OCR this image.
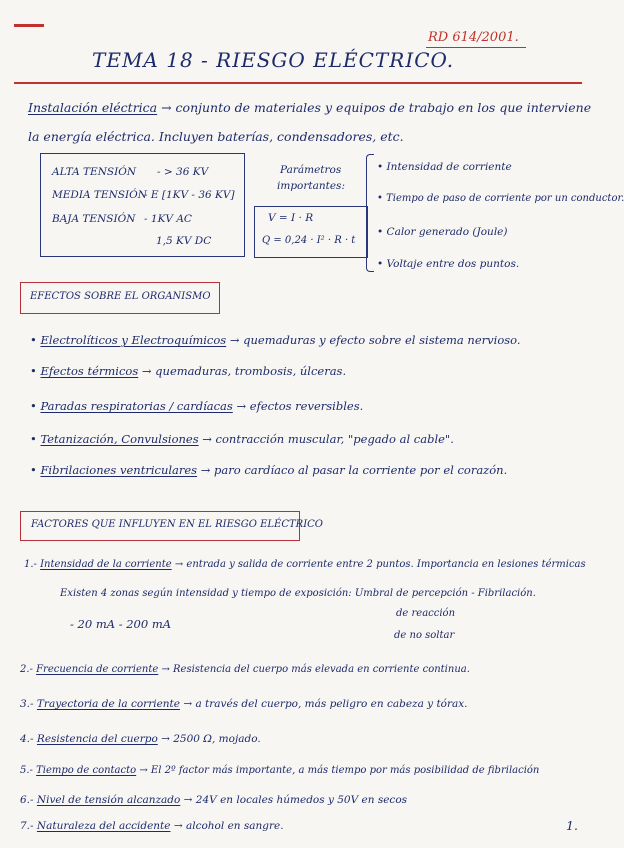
RD 614/2001.
TEMA 18 - RIESGO ELÉCTRICO.
Instalación eléctrica → conjunto de materiales y equipos de trabajo en los que interviene
la energía eléctrica. Incluyen baterías, condensadores, etc.
ALTA TENSIÓN - > 36 KV
MEDIA TENSIÓN
- E [1KV - 36 KV]
BAJA TENSIÓN - 1KV AC
1,5 KV DC
Parámetros
importantes:
V = I · R
Q = 0,24 · I² · R · t
• Intensidad de corriente
• Tiempo de paso de corriente por un conductor.
• Calor generado (Joule)
• Voltaje entre dos puntos.
EFECTOS SOBRE EL ORGANISMO
• Electrolíticos y Electroquímicos → quemaduras y efecto sobre el sistema nervioso.
• Efectos térmicos → quemaduras, trombosis, úlceras.
• Paradas respiratorias / cardíacas → efectos reversibles.
• Tetanización, Convulsiones → contracción muscular, "pegado al cable".
• Fibrilaciones ventriculares → paro cardíaco al pasar la corriente por el corazón.
FACTORES QUE INFLUYEN EN EL RIESGO ELÉCTRICO
1.- Intensidad de la corriente → entrada y salida de corriente entre 2 puntos. Importancia en lesiones térmicas
Existen 4 zonas según intensidad y tiempo de exposición: Umbral de percepción - Fibrilación.
de reacción
- 20 mA - 200 mA
de no soltar
2.- Frecuencia de corriente → Resistencia del cuerpo más elevada en corriente continua.
3.- Trayectoria de la corriente → a través del cuerpo, más peligro en cabeza y tórax.
4.- Resistencia del cuerpo → 2500 Ω, mojado.
5.- Tiempo de contacto → El 2º factor más importante, a más tiempo por más posibilidad de fibrilación
6.- Nivel de tensión alcanzado → 24V en locales húmedos y 50V en secos
7.- Naturaleza del accidente → alcohol en sangre.	1.
